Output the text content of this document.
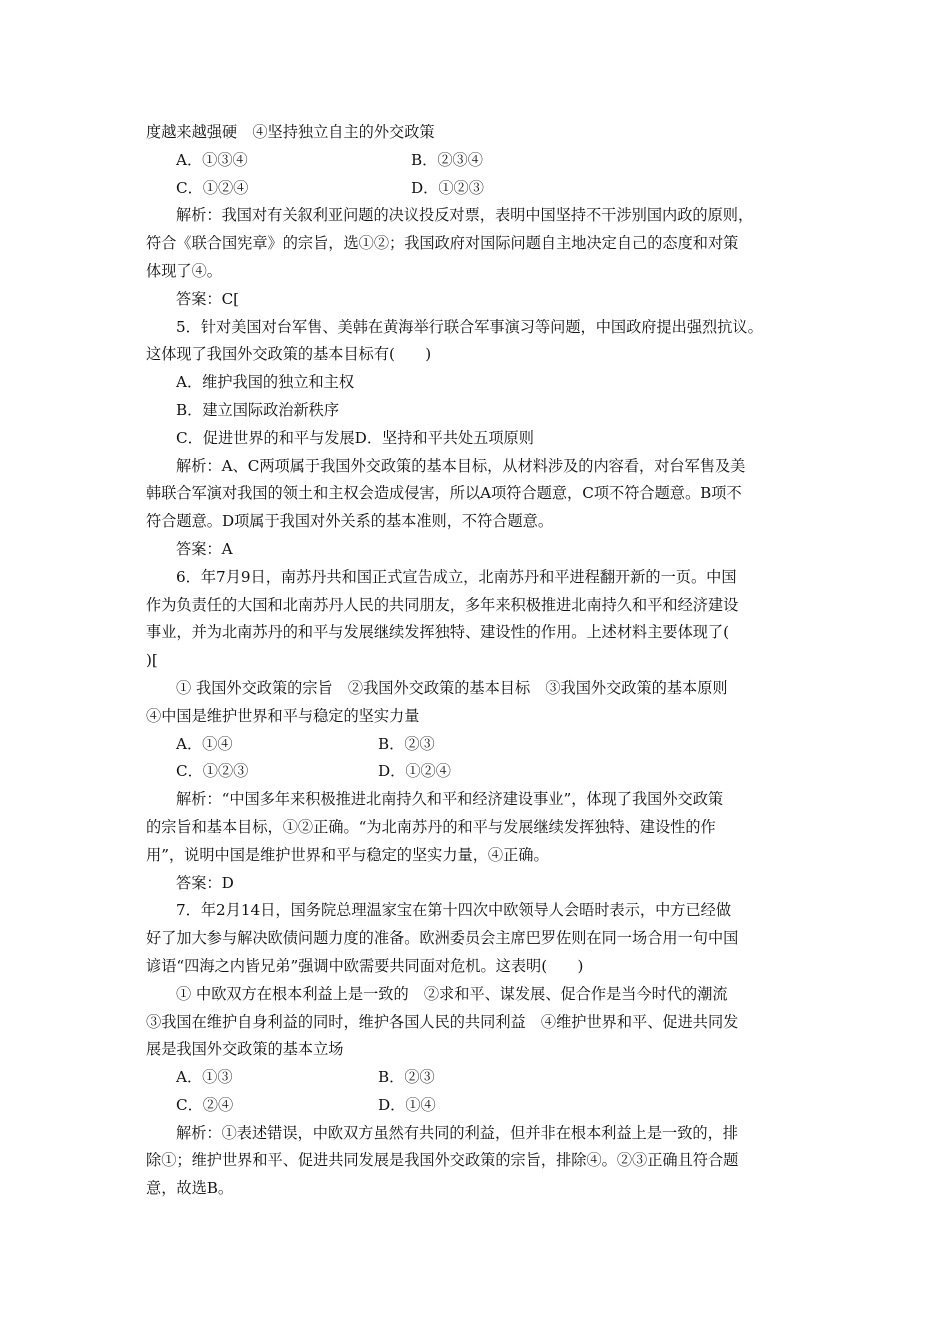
度越来越强硬　④坚持独立自主的外交政策
A．①③④	B．②③④
C．①②④	D．①②③
解析：我国对有关叙利亚问题的决议投反对票，表明中国坚持不干涉别国内政的原则，
符合《联合国宪章》的宗旨，选①②；我国政府对国际问题自主地决定自己的态度和对策
体现了④。
答案：C[
5．针对美国对台军售、美韩在黄海举行联合军事演习等问题，中国政府提出强烈抗议。
这体现了我国外交政策的基本目标有(　　)
A．维护我国的独立和主权
B．建立国际政治新秩序
C．促进世界的和平与发展D．坚持和平共处五项原则
解析：A、C两项属于我国外交政策的基本目标，从材料涉及的内容看，对台军售及美
韩联合军演对我国的领土和主权会造成侵害，所以A项符合题意，C项不符合题意。B项不
符合题意。D项属于我国对外关系的基本准则，不符合题意。
答案：A
6．年7月9日，南苏丹共和国正式宣告成立，北南苏丹和平进程翻开新的一页。中国
作为负责任的大国和北南苏丹人民的共同朋友，多年来积极推进北南持久和平和经济建设
事业，并为北南苏丹的和平与发展继续发挥独特、建设性的作用。上述材料主要体现了(
)[
① 我国外交政策的宗旨　②我国外交政策的基本目标　③我国外交政策的基本原则
④中国是维护世界和平与稳定的坚实力量
A．①④	B．②③
C．①②③	D．①②④
解析：“中国多年来积极推进北南持久和平和经济建设事业”，体现了我国外交政策
的宗旨和基本目标，①②正确。“为北南苏丹的和平与发展继续发挥独特、建设性的作
用”，说明中国是维护世界和平与稳定的坚实力量，④正确。
答案：D
7．年2月14日，国务院总理温家宝在第十四次中欧领导人会晤时表示，中方已经做
好了加大参与解决欧债问题力度的准备。欧洲委员会主席巴罗佐则在同一场合用一句中国
谚语“四海之内皆兄弟”强调中欧需要共同面对危机。这表明(　　)
① 中欧双方在根本利益上是一致的　②求和平、谋发展、促合作是当今时代的潮流
③我国在维护自身利益的同时，维护各国人民的共同利益　④维护世界和平、促进共同发
展是我国外交政策的基本立场
A．①③	B．②③
C．②④	D．①④
解析：①表述错误，中欧双方虽然有共同的利益，但并非在根本利益上是一致的，排
除①；维护世界和平、促进共同发展是我国外交政策的宗旨，排除④。②③正确且符合题
意，故选B。
